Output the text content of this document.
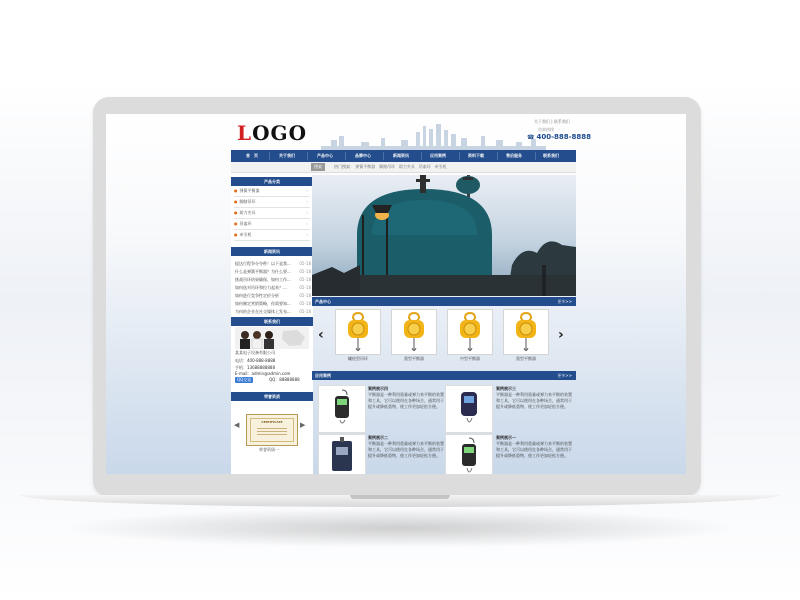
LOGO	关于我们 | 联系我们
咨询热线
☎ 400-888-8888
首　页	关于我们	产品中心	品牌中心	新闻资讯	应用案例	资料下载	售后服务	联系我们
搜索	热门搜索： 弹簧平衡器 脚踏吊环 助力夹具 吊索环 牵引机
产品分类
● 弹簧平衡器	›
● 脚踏吊环	›
● 助力夹具	›
● 吊索环	›
● 牵引机	›
新闻资讯
提达行程争分夺秒！以下是我... 05-18
什么是弹簧平衡器？为什么要... 05-18
挑战吊环结果确保，如何工作... 05-18
如何选对吊环和拉力起来？...	05-18
如何进行竞争性定价分析	05-18
如何制定营销策略，你需要知... 05-18
为何的企业在社交媒体上发布... 05-18
联系我们
某某电子设备有限公司
电话：400-888-8888
手机：13688888888
E-mail：admin@admin.com
QQ交谈	QQ：88888888
荣誉资质
◀	CERTIFICATE	▶
荣誉资质一
产品中心	更多>>
‹
螺栓型吊环	重型平衡器	中型平衡器	重型平衡器
›
应用案例	更多>>
案例展示四
平衡器是一种利用重量或弹力来平衡的装置和工具，它可以使用在各种场合，通常用于提升或降低重物，使工作更加轻松方便。
案例展示三
平衡器是一种利用重量或弹力来平衡的装置和工具，它可以使用在各种场合，通常用于提升或降低重物，使工作更加轻松方便。
案例展示二
平衡器是一种利用重量或弹力来平衡的装置和工具，它可以使用在各种场合，通常用于提升或降低重物，使工作更加轻松方便。
案例展示一
平衡器是一种利用重量或弹力来平衡的装置和工具，它可以使用在各种场合，通常用于提升或降低重物，使工作更加轻松方便。
